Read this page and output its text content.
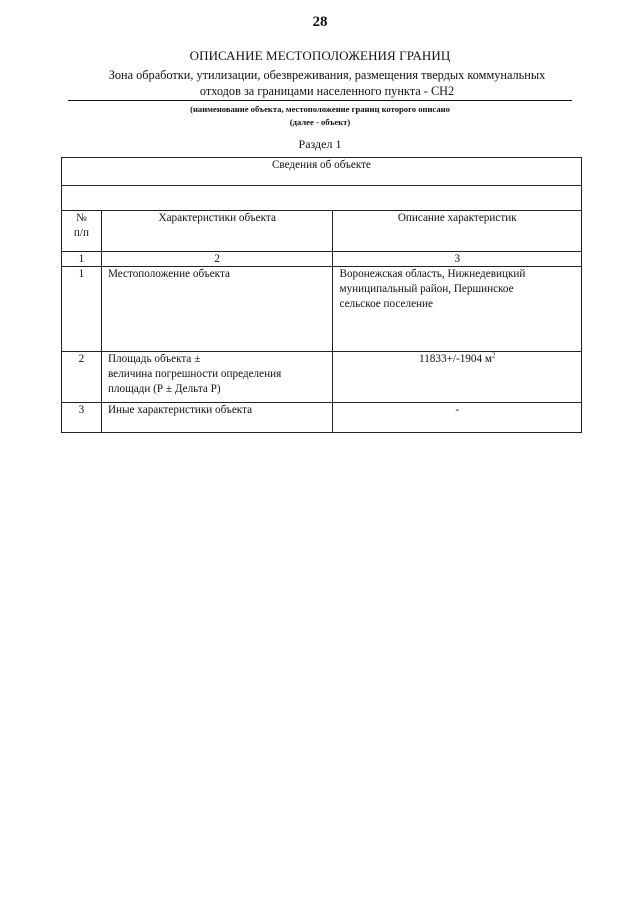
28
ОПИСАНИЕ МЕСТОПОЛОЖЕНИЯ ГРАНИЦ
Зона обработки, утилизации, обезвреживания, размещения твердых коммунальных
отходов за границами населенного пункта - СН2
(наименование объекта, местоположение границ которого описано
(далее - объект)
Раздел 1
Сведения об объекте		

№
п/п	Характеристики объекта	Описание характеристик
1	2	3
1	Местоположение объекта	Воронежская область, Нижнедевицкий
муниципальный район, Першинское
сельское поселение

2	Площадь объекта ±
величина погрешности определения
площади (Р ± Дельта Р)	11833+/-1904 $м^2$
3	Иные характеристики объекта	-
